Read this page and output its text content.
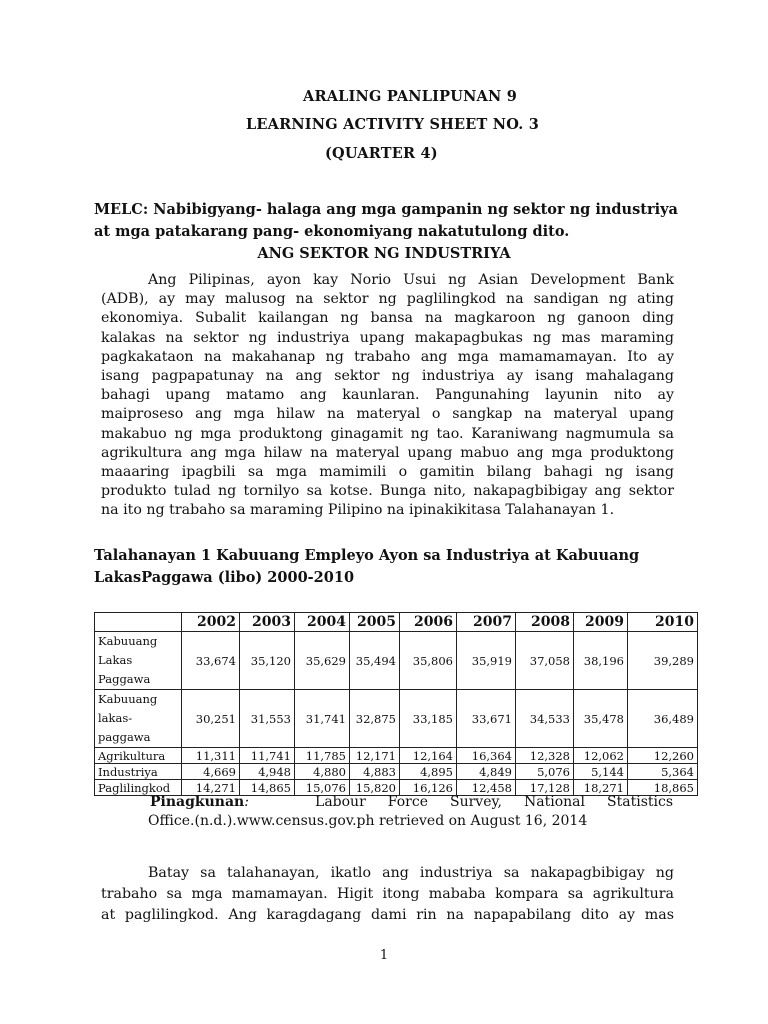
ARALING PANLIPUNAN 9
LEARNING ACTIVITY SHEET NO. 3
(QUARTER 4)
MELC: Nabibigyang- halaga ang mga gampanin ng sektor ng industriya
at mga patakarang pang- ekonomiyang nakatutulong dito.
ANG SEKTOR NG INDUSTRIYA
Ang Pilipinas, ayon kay Norio Usui ng Asian Development Bank
(ADB), ay may malusog na sektor ng paglilingkod na sandigan ng ating
ekonomiya. Subalit kailangan ng bansa na magkaroon ng ganoon ding
kalakas na sektor ng industriya upang makapagbukas ng mas maraming
pagkakataon na makahanap ng trabaho ang mga mamamamayan. Ito ay
isang pagpapatunay na ang sektor ng industriya ay isang mahalagang
bahagi upang matamo ang kaunlaran. Pangunahing layunin nito ay
maiproseso ang mga hilaw na materyal o sangkap na materyal upang
makabuo ng mga produktong ginagamit ng tao. Karaniwang nagmumula sa
agrikultura ang mga hilaw na materyal upang mabuo ang mga produktong
maaaring ipagbili sa mga mamimili o gamitin bilang bahagi ng isang
produkto tulad ng tornilyo sa kotse. Bunga nito, nakapagbibigay ang sektor
na ito ng trabaho sa maraming Pilipino na ipinakikitasa Talahanayan 1.
Talahanayan 1 Kabuuang Empleyo Ayon sa Industriya at Kabuuang
LakasPaggawa (libo) 2000-2010
	2002	2003	2004	2005	2006	2007	2008	2009	2010

Kabuuang
Lakas
Paggawa	33,674	35,120	35,629	35,494	35,806	35,919	37,058	38,196	39,289

Kabuuang
lakas-
paggawa	30,251	31,553	31,741	32,875	33,185	33,671	34,533	35,478	36,489
Agrikultura	11,311	11,741	11,785	12,171	12,164	16,364	12,328	12,062	12,260
Industriya	4,669	4,948	4,880	4,883	4,895	4,849	5,076	5,144	5,364
Paglilingkod	14,271	14,865	15,076	15,820	16,126	12,458	17,128	18,271	18,865
Pinagkunan:	Labour Force Survey, National Statistics
Office.(n.d.).www.census.gov.ph retrieved on August 16, 2014
Batay sa talahanayan, ikatlo ang industriya sa nakapagbibigay ng
trabaho sa mga mamamayan. Higit itong mababa kompara sa agrikultura
at paglilingkod. Ang karagdagang dami rin na napapabilang dito ay mas
1
